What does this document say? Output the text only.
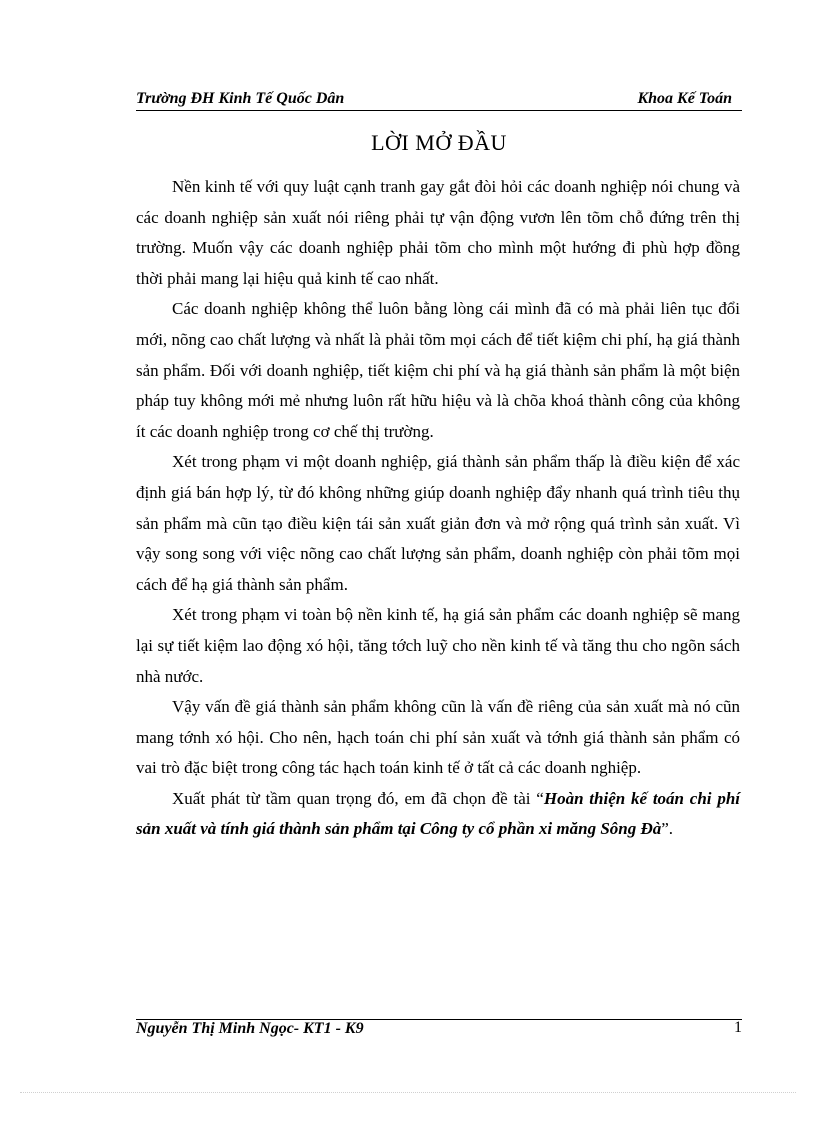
Trường ĐH Kinh Tế Quốc Dân	Khoa Kế Toán
LỜI MỞ ĐẦU

Nền kinh tế với quy luật cạnh tranh gay gắt đòi hỏi các doanh nghiệp nói chung và các doanh nghiệp sản xuất nói riêng phải tự vận động vươn lên tõm chỗ đứng trên thị trường. Muốn vậy các doanh nghiệp phải tõm cho mình một hướng đi phù hợp đồng thời phải mang lại hiệu quả kinh tế cao nhất.

Các doanh nghiệp không thể luôn bằng lòng cái mình đã có mà phải liên tục đổi mới, nõng cao chất lượng và nhất là phải tõm mọi cách để tiết kiệm chi phí, hạ giá thành sản phẩm. Đối với doanh nghiệp, tiết kiệm chi phí và hạ giá thành sản phẩm là một biện pháp tuy không mới mẻ nhưng luôn rất hữu hiệu và là chõa khoá thành công của không ít các doanh nghiệp trong cơ chế thị trường.

Xét trong phạm vi một doanh nghiệp, giá thành sản phẩm thấp là điều kiện để xác định giá bán hợp lý, từ đó không những giúp doanh nghiệp đẩy nhanh quá trình tiêu thụ sản phẩm mà cũn tạo điều kiện tái sản xuất giản đơn và mở rộng quá trình sản xuất. Vì vậy song song với việc nõng cao chất lượng sản phẩm, doanh nghiệp còn phải tõm mọi cách để hạ giá thành sản phẩm.

Xét trong phạm vi toàn bộ nền kinh tế, hạ giá sản phẩm các doanh nghiệp sẽ mang lại sự tiết kiệm lao động xó hội, tăng tớch luỹ cho nền kinh tế và tăng thu cho ngõn sách nhà nước.

Vậy vấn đề giá thành sản phẩm không cũn là vấn đề riêng của sản xuất mà nó cũn mang tớnh xó hội. Cho nên, hạch toán chi phí sản xuất và tớnh giá thành sản phẩm có vai trò đặc biệt trong công tác hạch toán kinh tế ở tất cả các doanh nghiệp.

Xuất phát từ tầm quan trọng đó, em đã chọn đề tài “Hoàn thiện kế toán chi phí sản xuất và tính giá thành sản phẩm tại Công ty cổ phần xi măng Sông Đà”.

Nguyễn Thị Minh Ngọc- KT1 - K9	1
